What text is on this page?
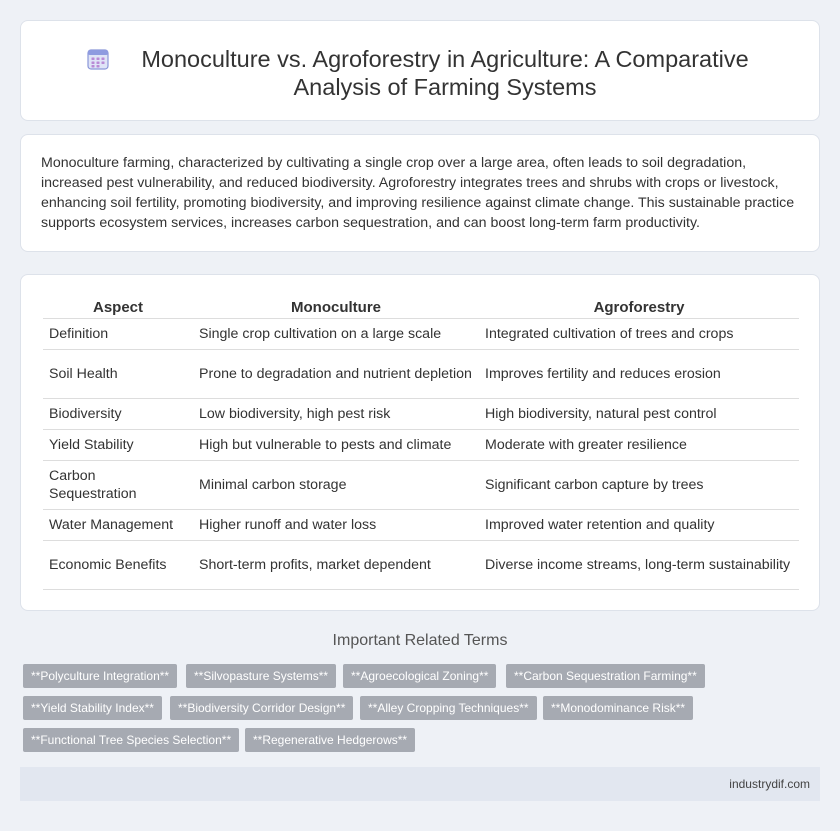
Monoculture vs. Agroforestry in Agriculture: A Comparative Analysis of Farming Systems

Monoculture farming, characterized by cultivating a single crop over a large area, often leads to soil degradation, increased pest vulnerability, and reduced biodiversity. Agroforestry integrates trees and shrubs with crops or livestock, enhancing soil fertility, promoting biodiversity, and improving resilience against climate change. This sustainable practice supports ecosystem services, increases carbon sequestration, and can boost long-term farm productivity.

Aspect	Monoculture	Agroforestry
Definition	Single crop cultivation on a large scale	Integrated cultivation of trees and crops
Soil Health	Prone to degradation and nutrient depletion	Improves fertility and reduces erosion
Biodiversity	Low biodiversity, high pest risk	High biodiversity, natural pest control
Yield Stability	High but vulnerable to pests and climate	Moderate with greater resilience
Carbon Sequestration	Minimal carbon storage	Significant carbon capture by trees
Water Management	Higher runoff and water loss	Improved water retention and quality
Economic Benefits	Short-term profits, market dependent	Diverse income streams, long-term sustainability
Important Related Terms
**Polyculture Integration**	**Silvopasture Systems**	**Agroecological Zoning**	**Carbon Sequestration Farming**
**Yield Stability Index**	**Biodiversity Corridor Design**	**Alley Cropping Techniques**	**Monodominance Risk**
**Functional Tree Species Selection**	**Regenerative Hedgerows**
industrydif.com
